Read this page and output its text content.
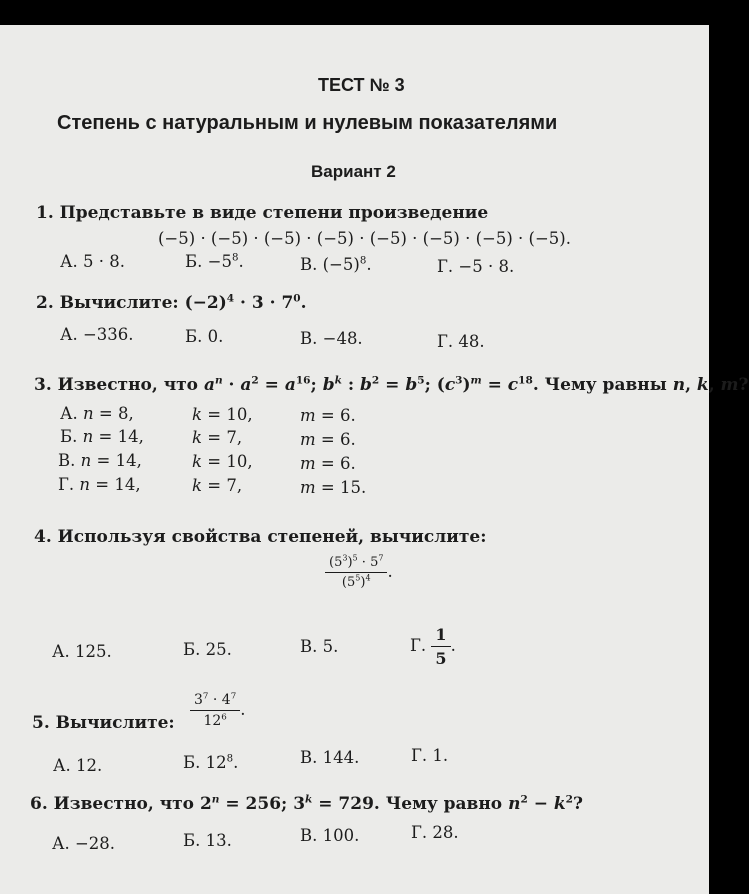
ТЕСТ № 3
Степень с натуральным и нулевым показателями
Вариант 2
1. Представьте в виде степени произведение
(−5) · (−5) · (−5) · (−5) · (−5) · (−5) · (−5) · (−5).
А. 5 · 8.	Б. $-5^8$.	В. $(-5)^8$.	Г. −5 · 8.
2. Вычислите: $(-2)^4 \cdot 3 \cdot 7^0$.
А. −336.	Б. 0.	В. −48.	Г. 48.
3. Известно, что $a^n \cdot a^2 = a^{16}$; $b^k$ : $b^2 = b^5$; $(c^3)^m = c^{18}$. Чему равны n, k, m?
А. n = 8,	k = 10,	m = 6.
Б. n = 14,	k = 7,	m = 6.
В. n = 14,	k = 10,	m = 6.
Г. n = 14,	k = 7,	m = 15.
4. Используя свойства степеней, вычислите:
$\frac{(5^3)^5 \cdot 5^7}{(5^5)^4}$ .
А. 125.	Б. 25.	В. 5.	Г. $\frac{1}{5}$ .
5. Вычислите: $\frac{3^7 \cdot 4^7}{12^6}$ .
А. 12.	Б. $12^8$.	В. 144.	Г. 1.
6. Известно, что $2^n = 256$; $3^k = 729$. Чему равно $n^2 - k^2$?
А. −28.	Б. 13.	В. 100.	Г. 28.
